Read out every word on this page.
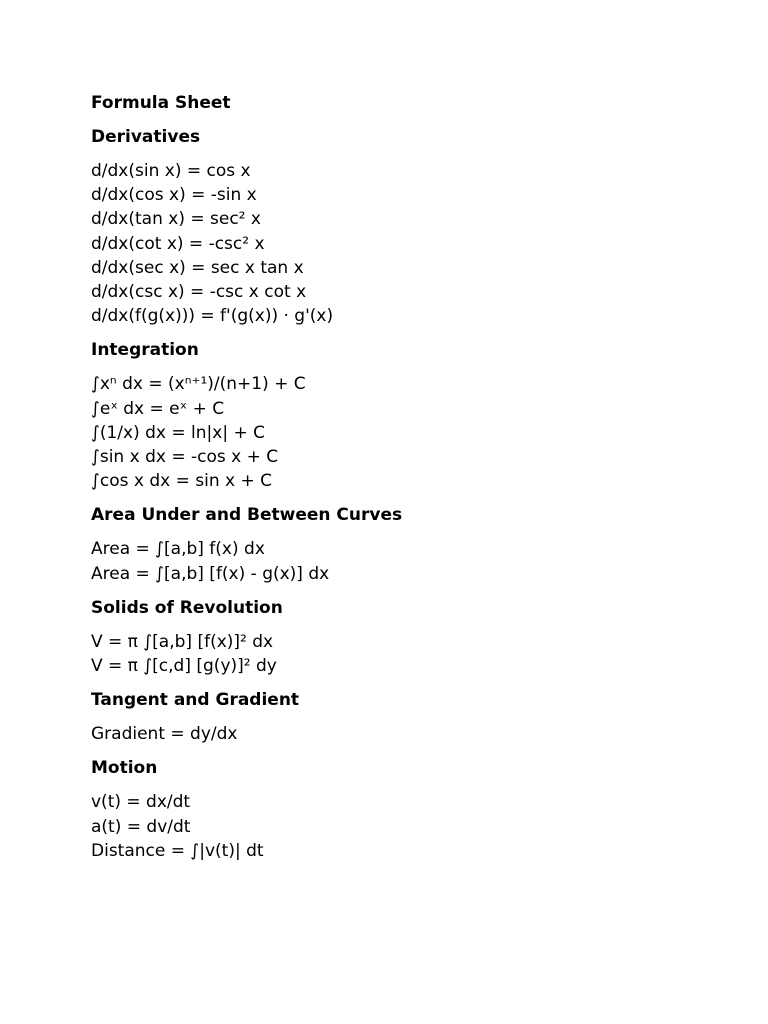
Formula Sheet
Derivatives
d/dx(sin x) = cos x
d/dx(cos x) = -sin x
d/dx(tan x) = sec² x
d/dx(cot x) = -csc² x
d/dx(sec x) = sec x tan x
d/dx(csc x) = -csc x cot x
d/dx(f(g(x))) = f'(g(x)) · g'(x)
Integration
∫xⁿ dx = (xⁿ⁺¹)/(n+1) + C
∫eˣ dx = eˣ + C
∫(1/x) dx = ln|x| + C
∫sin x dx = -cos x + C
∫cos x dx = sin x + C
Area Under and Between Curves
Area = ∫[a,b] f(x) dx
Area = ∫[a,b] [f(x) - g(x)] dx
Solids of Revolution
V = π ∫[a,b] [f(x)]² dx
V = π ∫[c,d] [g(y)]² dy
Tangent and Gradient
Gradient = dy/dx
Motion
v(t) = dx/dt
a(t) = dv/dt
Distance = ∫|v(t)| dt
